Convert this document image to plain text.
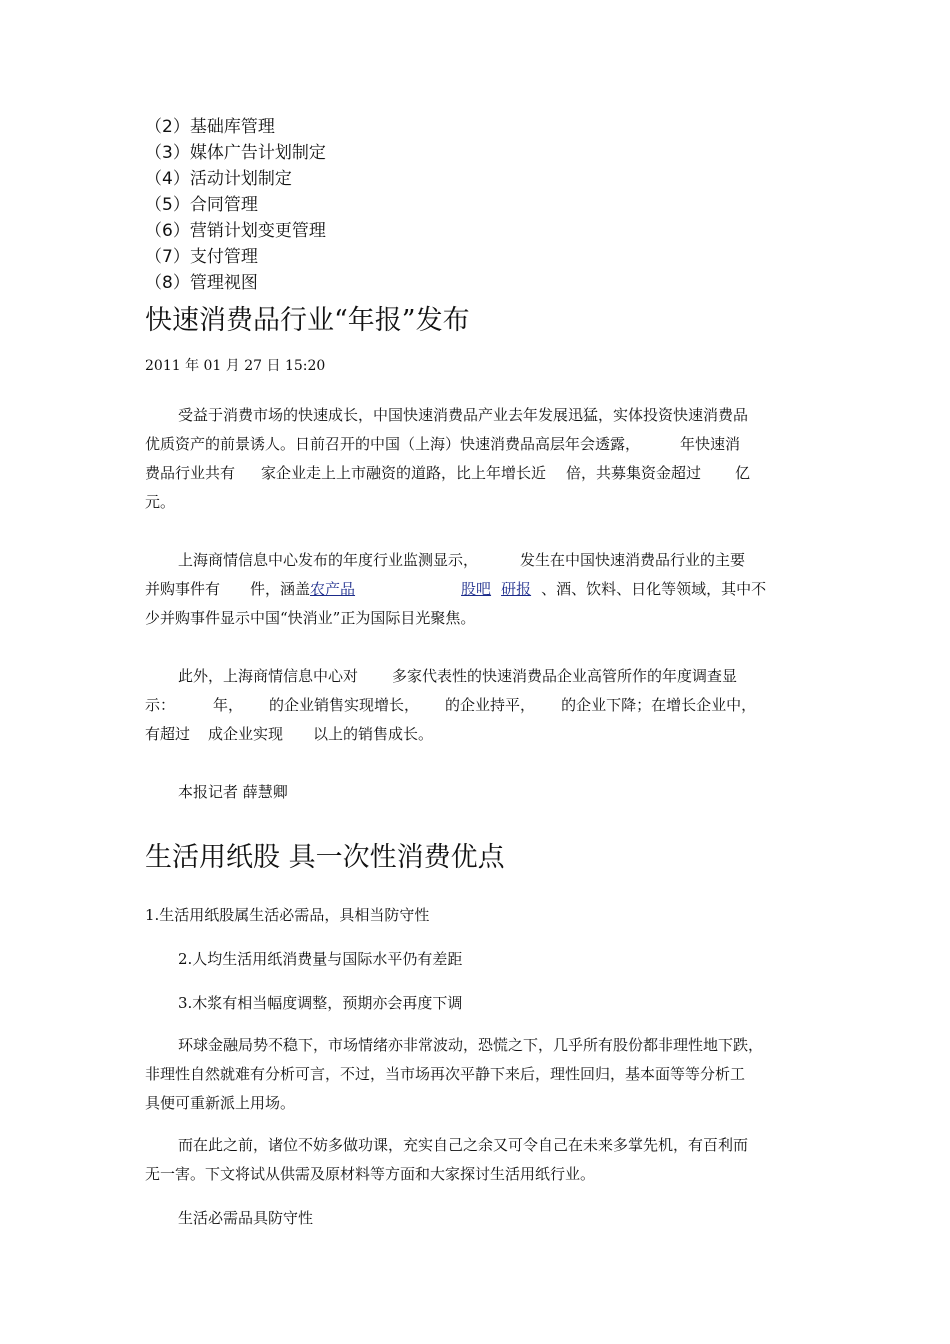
（2）基础库管理
（3）媒体广告计划制定
（4）活动计划制定
（5）合同管理
（6）营销计划变更管理
（7）支付管理
（8）管理视图
快速消费品行业“年报”发布
2011 年 01 月 27 日 15:20
受益于消费市场的快速成长，中国快速消费品产业去年发展迅猛，实体投资快速消费品
优质资产的前景诱人。日前召开的中国（上海）快速消费品高层年会透露，	年快速消
费品行业共有 家企业走上上市融资的道路，比上年增长近 倍，共募集资金超过 亿
元。
上海商情信息中心发布的年度行业监测显示，	发生在中国快速消费品行业的主要
并购事件有 件，涵盖农产品	股吧 研报 、酒、饮料、日化等领域，其中不
少并购事件显示中国“快消业”正为国际目光聚焦。
此外，上海商情信息中心对 多家代表性的快速消费品企业高管所作的年度调查显
示：	年， 的企业销售实现增长， 的企业持平， 的企业下降；在增长企业中，
有超过 成企业实现 以上的销售成长。
本报记者 薛慧卿
生活用纸股 具一次性消费优点
1.生活用纸股属生活必需品，具相当防守性
2.人均生活用纸消费量与国际水平仍有差距
3.木浆有相当幅度调整，预期亦会再度下调
环球金融局势不稳下，市场情绪亦非常波动，恐慌之下，几乎所有股份都非理性地下跌，
非理性自然就难有分析可言，不过，当市场再次平静下来后，理性回归，基本面等等分析工
具便可重新派上用场。
而在此之前，诸位不妨多做功课，充实自己之余又可令自己在未来多掌先机，有百利而
无一害。下文将试从供需及原材料等方面和大家探讨生活用纸行业。
生活必需品具防守性
